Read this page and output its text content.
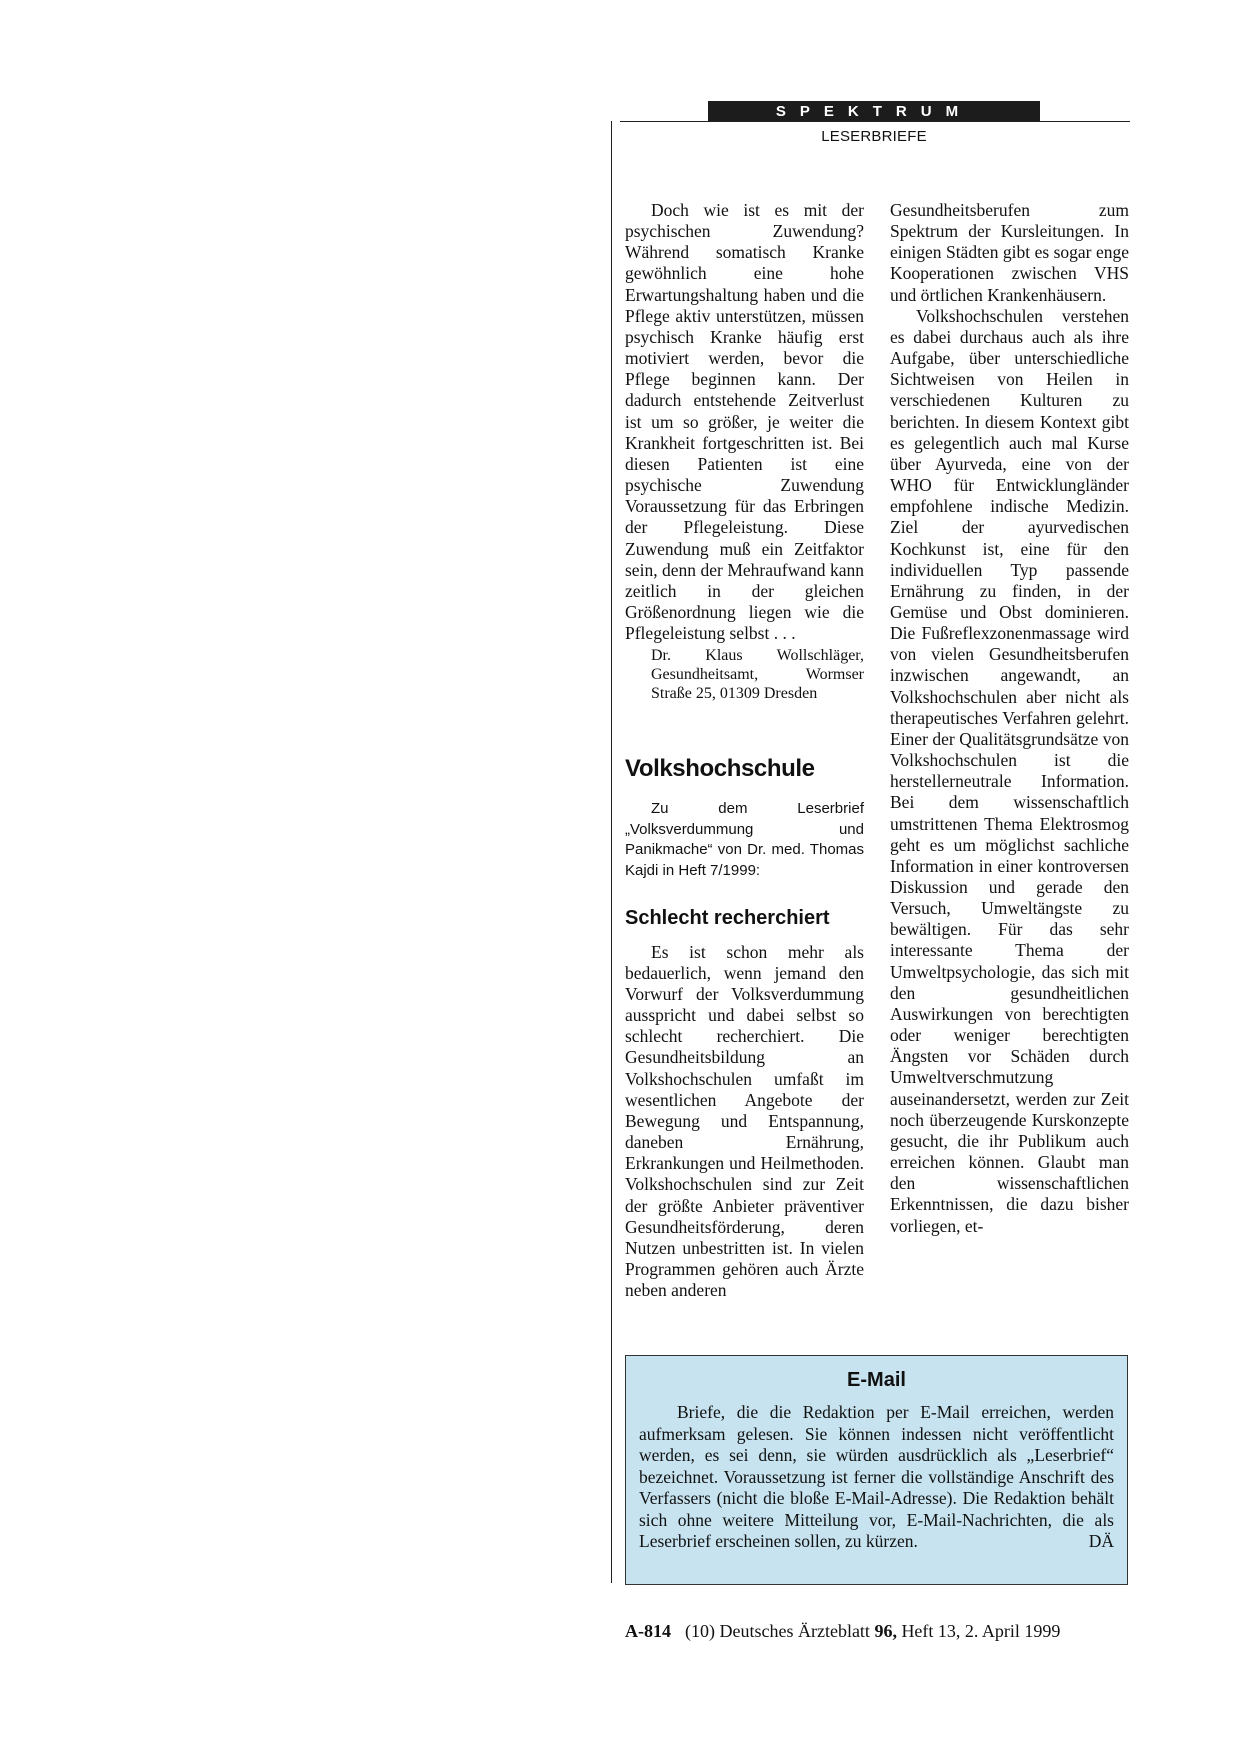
SPEKTRUM
LESERBRIEFE

Doch wie ist es mit der psychischen Zuwendung? Während somatisch Kranke gewöhnlich eine hohe Erwartungshaltung haben und die Pflege aktiv unterstützen, müssen psychisch Kranke häufig erst motiviert werden, bevor die Pflege beginnen kann. Der dadurch entstehende Zeitverlust ist um so größer, je weiter die Krankheit fortgeschritten ist. Bei diesen Patienten ist eine psychische Zuwendung Voraussetzung für das Erbringen der Pflegeleistung. Diese Zuwendung muß ein Zeitfaktor sein, denn der Mehraufwand kann zeitlich in der gleichen Größenordnung liegen wie die Pflegeleistung selbst . . .

Dr. Klaus Wollschläger, Gesundheitsamt, Wormser Straße 25, 01309 Dresden

Volkshochschule

Zu dem Leserbrief „Volksverdummung und Panikmache“ von Dr. med. Thomas Kajdi in Heft 7/1999:

Schlecht recherchiert

Es ist schon mehr als bedauerlich, wenn jemand den Vorwurf der Volksverdummung ausspricht und dabei selbst so schlecht recherchiert. Die Gesundheitsbildung an Volkshochschulen umfaßt im wesentlichen Angebote der Bewegung und Entspannung, daneben Ernährung, Erkrankungen und Heilmethoden. Volkshochschulen sind zur Zeit der größte Anbieter präventiver Gesundheitsförderung, deren Nutzen unbestritten ist. In vielen Programmen gehören auch Ärzte neben anderen

Gesundheitsberufen zum Spektrum der Kursleitungen. In einigen Städten gibt es sogar enge Kooperationen zwischen VHS und örtlichen Krankenhäusern.

Volkshochschulen verstehen es dabei durchaus auch als ihre Aufgabe, über unterschiedliche Sichtweisen von Heilen in verschiedenen Kulturen zu berichten. In diesem Kontext gibt es gelegentlich auch mal Kurse über Ayurveda, eine von der WHO für Entwicklungländer empfohlene indische Medizin. Ziel der ayurvedischen Kochkunst ist, eine für den individuellen Typ passende Ernährung zu finden, in der Gemüse und Obst dominieren. Die Fußreflexzonenmassage wird von vielen Gesundheitsberufen inzwischen angewandt, an Volkshochschulen aber nicht als therapeutisches Verfahren gelehrt. Einer der Qualitätsgrundsätze von Volkshochschulen ist die herstellerneutrale Information. Bei dem wissenschaftlich umstrittenen Thema Elektrosmog geht es um möglichst sachliche Information in einer kontroversen Diskussion und gerade den Versuch, Umweltängste zu bewältigen. Für das sehr interessante Thema der Umweltpsychologie, das sich mit den gesundheitlichen Auswirkungen von berechtigten oder weniger berechtigten Ängsten vor Schäden durch Umweltverschmutzung auseinandersetzt, werden zur Zeit noch überzeugende Kurskonzepte gesucht, die ihr Publikum auch erreichen können. Glaubt man den wissenschaftlichen Erkenntnissen, die dazu bisher vorliegen, et-

E-Mail

Briefe, die die Redaktion per E-Mail erreichen, werden aufmerksam gelesen. Sie können indessen nicht veröffentlicht werden, es sei denn, sie würden ausdrücklich als „Leserbrief“ bezeichnet. Voraussetzung ist ferner die vollständige Anschrift des Verfassers (nicht die bloße E-Mail-Adresse). Die Redaktion behält sich ohne weitere Mitteilung vor, E-Mail-Nachrichten, die als Leserbrief erscheinen sollen, zu kürzen.	DÄ

A-814 (10) Deutsches Ärzteblatt 96, Heft 13, 2. April 1999
